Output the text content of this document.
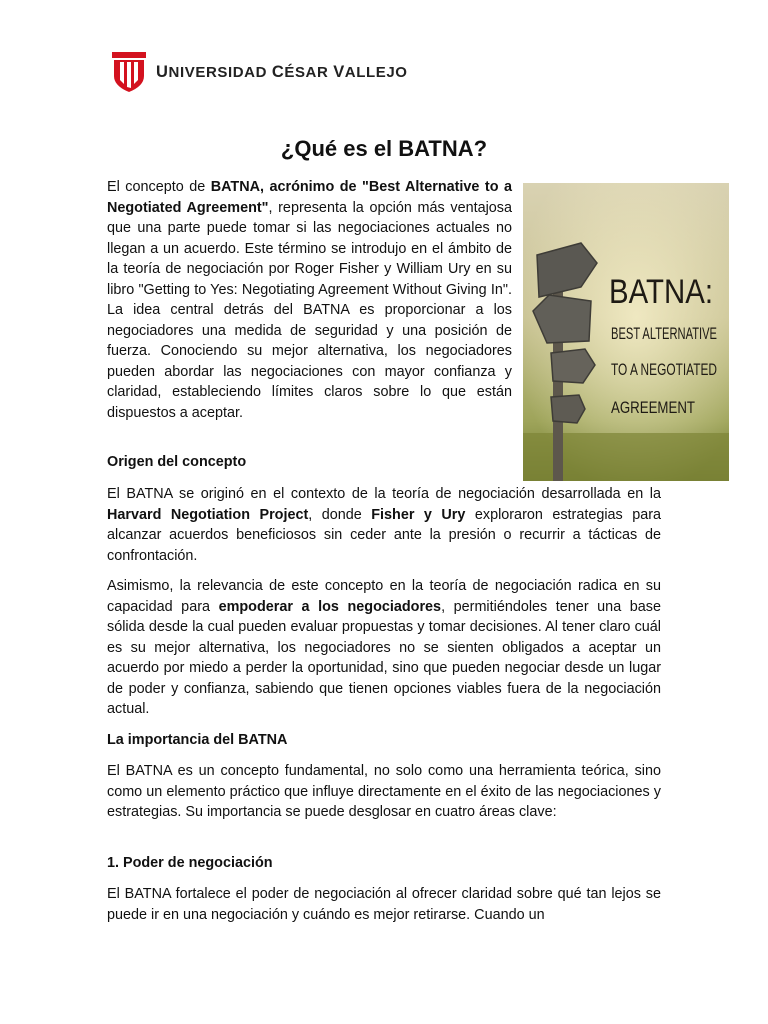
UNIVERSIDAD CÉSAR VALLEJO
¿Qué es el BATNA?

El concepto de BATNA, acrónimo de "Best Alternative to a Negotiated Agreement", representa la opción más ventajosa que una parte puede tomar si las negociaciones actuales no llegan a un acuerdo. Este término se introdujo en el ámbito de la teoría de negociación por Roger Fisher y William Ury en su libro "Getting to Yes: Negotiating Agreement Without Giving In". La idea central detrás del BATNA es proporcionar a los negociadores una medida de seguridad y una posición de fuerza. Conociendo su mejor alternativa, los negociadores pueden abordar las negociaciones con mayor confianza y claridad, estableciendo límites claros sobre lo que están dispuestos a aceptar.

BATNA:
BEST ALTERNATIVE
TO A NEGOTIATED
AGREEMENT
Origen del concepto

El BATNA se originó en el contexto de la teoría de negociación desarrollada en la Harvard Negotiation Project, donde Fisher y Ury exploraron estrategias para alcanzar acuerdos beneficiosos sin ceder ante la presión o recurrir a tácticas de confrontación.

Asimismo, la relevancia de este concepto en la teoría de negociación radica en su capacidad para empoderar a los negociadores, permitiéndoles tener una base sólida desde la cual pueden evaluar propuestas y tomar decisiones. Al tener claro cuál es su mejor alternativa, los negociadores no se sienten obligados a aceptar un acuerdo por miedo a perder la oportunidad, sino que pueden negociar desde un lugar de poder y confianza, sabiendo que tienen opciones viables fuera de la negociación actual.

La importancia del BATNA

El BATNA es un concepto fundamental, no solo como una herramienta teórica, sino como un elemento práctico que influye directamente en el éxito de las negociaciones y estrategias. Su importancia se puede desglosar en cuatro áreas clave:

1. Poder de negociación

El BATNA fortalece el poder de negociación al ofrecer claridad sobre qué tan lejos se puede ir en una negociación y cuándo es mejor retirarse. Cuando un
